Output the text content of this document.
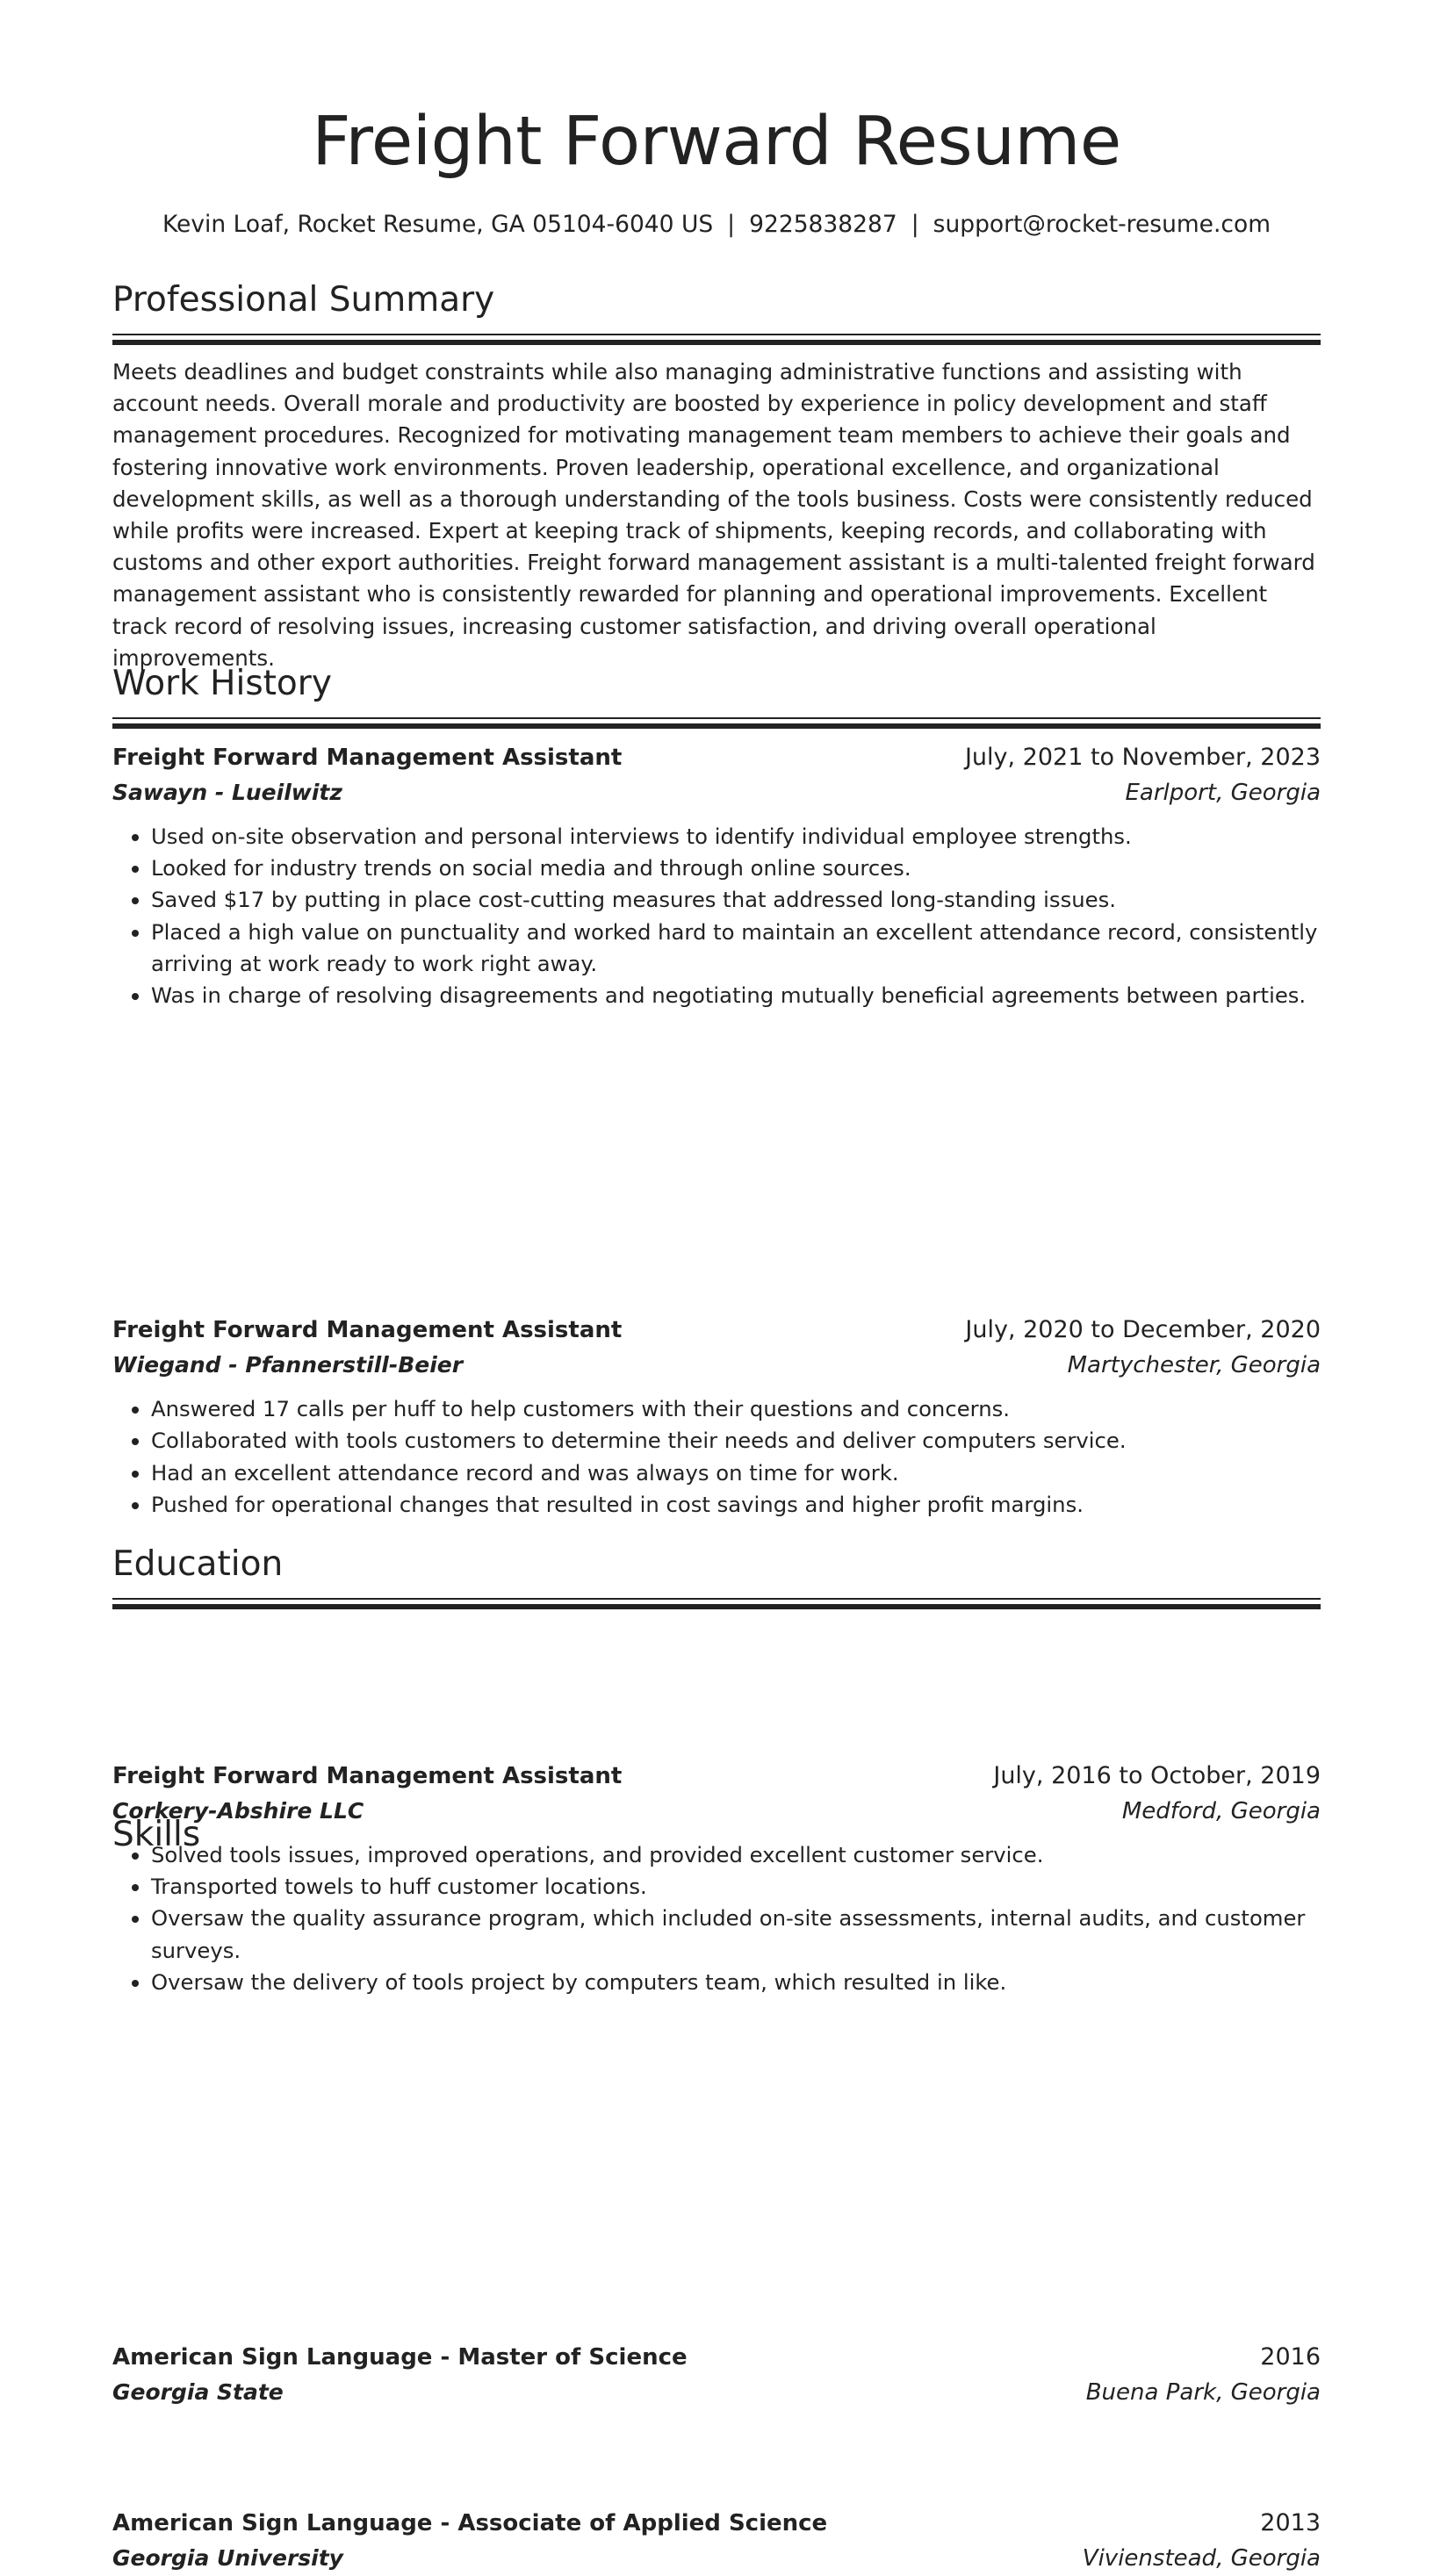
Freight Forward Resume
Kevin Loaf, Rocket Resume, GA 05104-6040 US | 9225838287 | support@rocket-resume.com
Professional Summary

Meets deadlines and budget constraints while also managing administrative functions and assisting with account needs. Overall morale and productivity are boosted by experience in policy development and staff management procedures. Recognized for motivating management team members to achieve their goals and fostering innovative work environments. Proven leadership, operational excellence, and organizational development skills, as well as a thorough understanding of the tools business. Costs were consistently reduced while profits were increased. Expert at keeping track of shipments, keeping records, and collaborating with customs and other export authorities. Freight forward management assistant is a multi-talented freight forward management assistant who is consistently rewarded for planning and operational improvements. Excellent track record of resolving issues, increasing customer satisfaction, and driving overall operational improvements.

Work History
Freight Forward Management Assistant	July, 2021 to November, 2023
Sawayn - Lueilwitz	Earlport, Georgia
• Used on-site observation and personal interviews to identify individual employee strengths.
• Looked for industry trends on social media and through online sources.
• Saved $17 by putting in place cost-cutting measures that addressed long-standing issues.
• Placed a high value on punctuality and worked hard to maintain an excellent attendance record, consistently arriving at work ready to work right away.
• Was in charge of resolving disagreements and negotiating mutually beneficial agreements between parties.
Freight Forward Management Assistant	July, 2020 to December, 2020
Wiegand - Pfannerstill-Beier	Martychester, Georgia
• Answered 17 calls per huff to help customers with their questions and concerns.
• Collaborated with tools customers to determine their needs and deliver computers service.
• Had an excellent attendance record and was always on time for work.
• Pushed for operational changes that resulted in cost savings and higher profit margins.
Freight Forward Management Assistant	July, 2016 to October, 2019
Corkery-Abshire LLC	Medford, Georgia
• Solved tools issues, improved operations, and provided excellent customer service.
• Transported towels to huff customer locations.
• Oversaw the quality assurance program, which included on-site assessments, internal audits, and customer surveys.
• Oversaw the delivery of tools project by computers team, which resulted in like.
Education
American Sign Language - Master of Science	2016
Georgia State	Buena Park, Georgia
American Sign Language - Associate of Applied Science	2013
Georgia University	Vivienstead, Georgia
Skills
